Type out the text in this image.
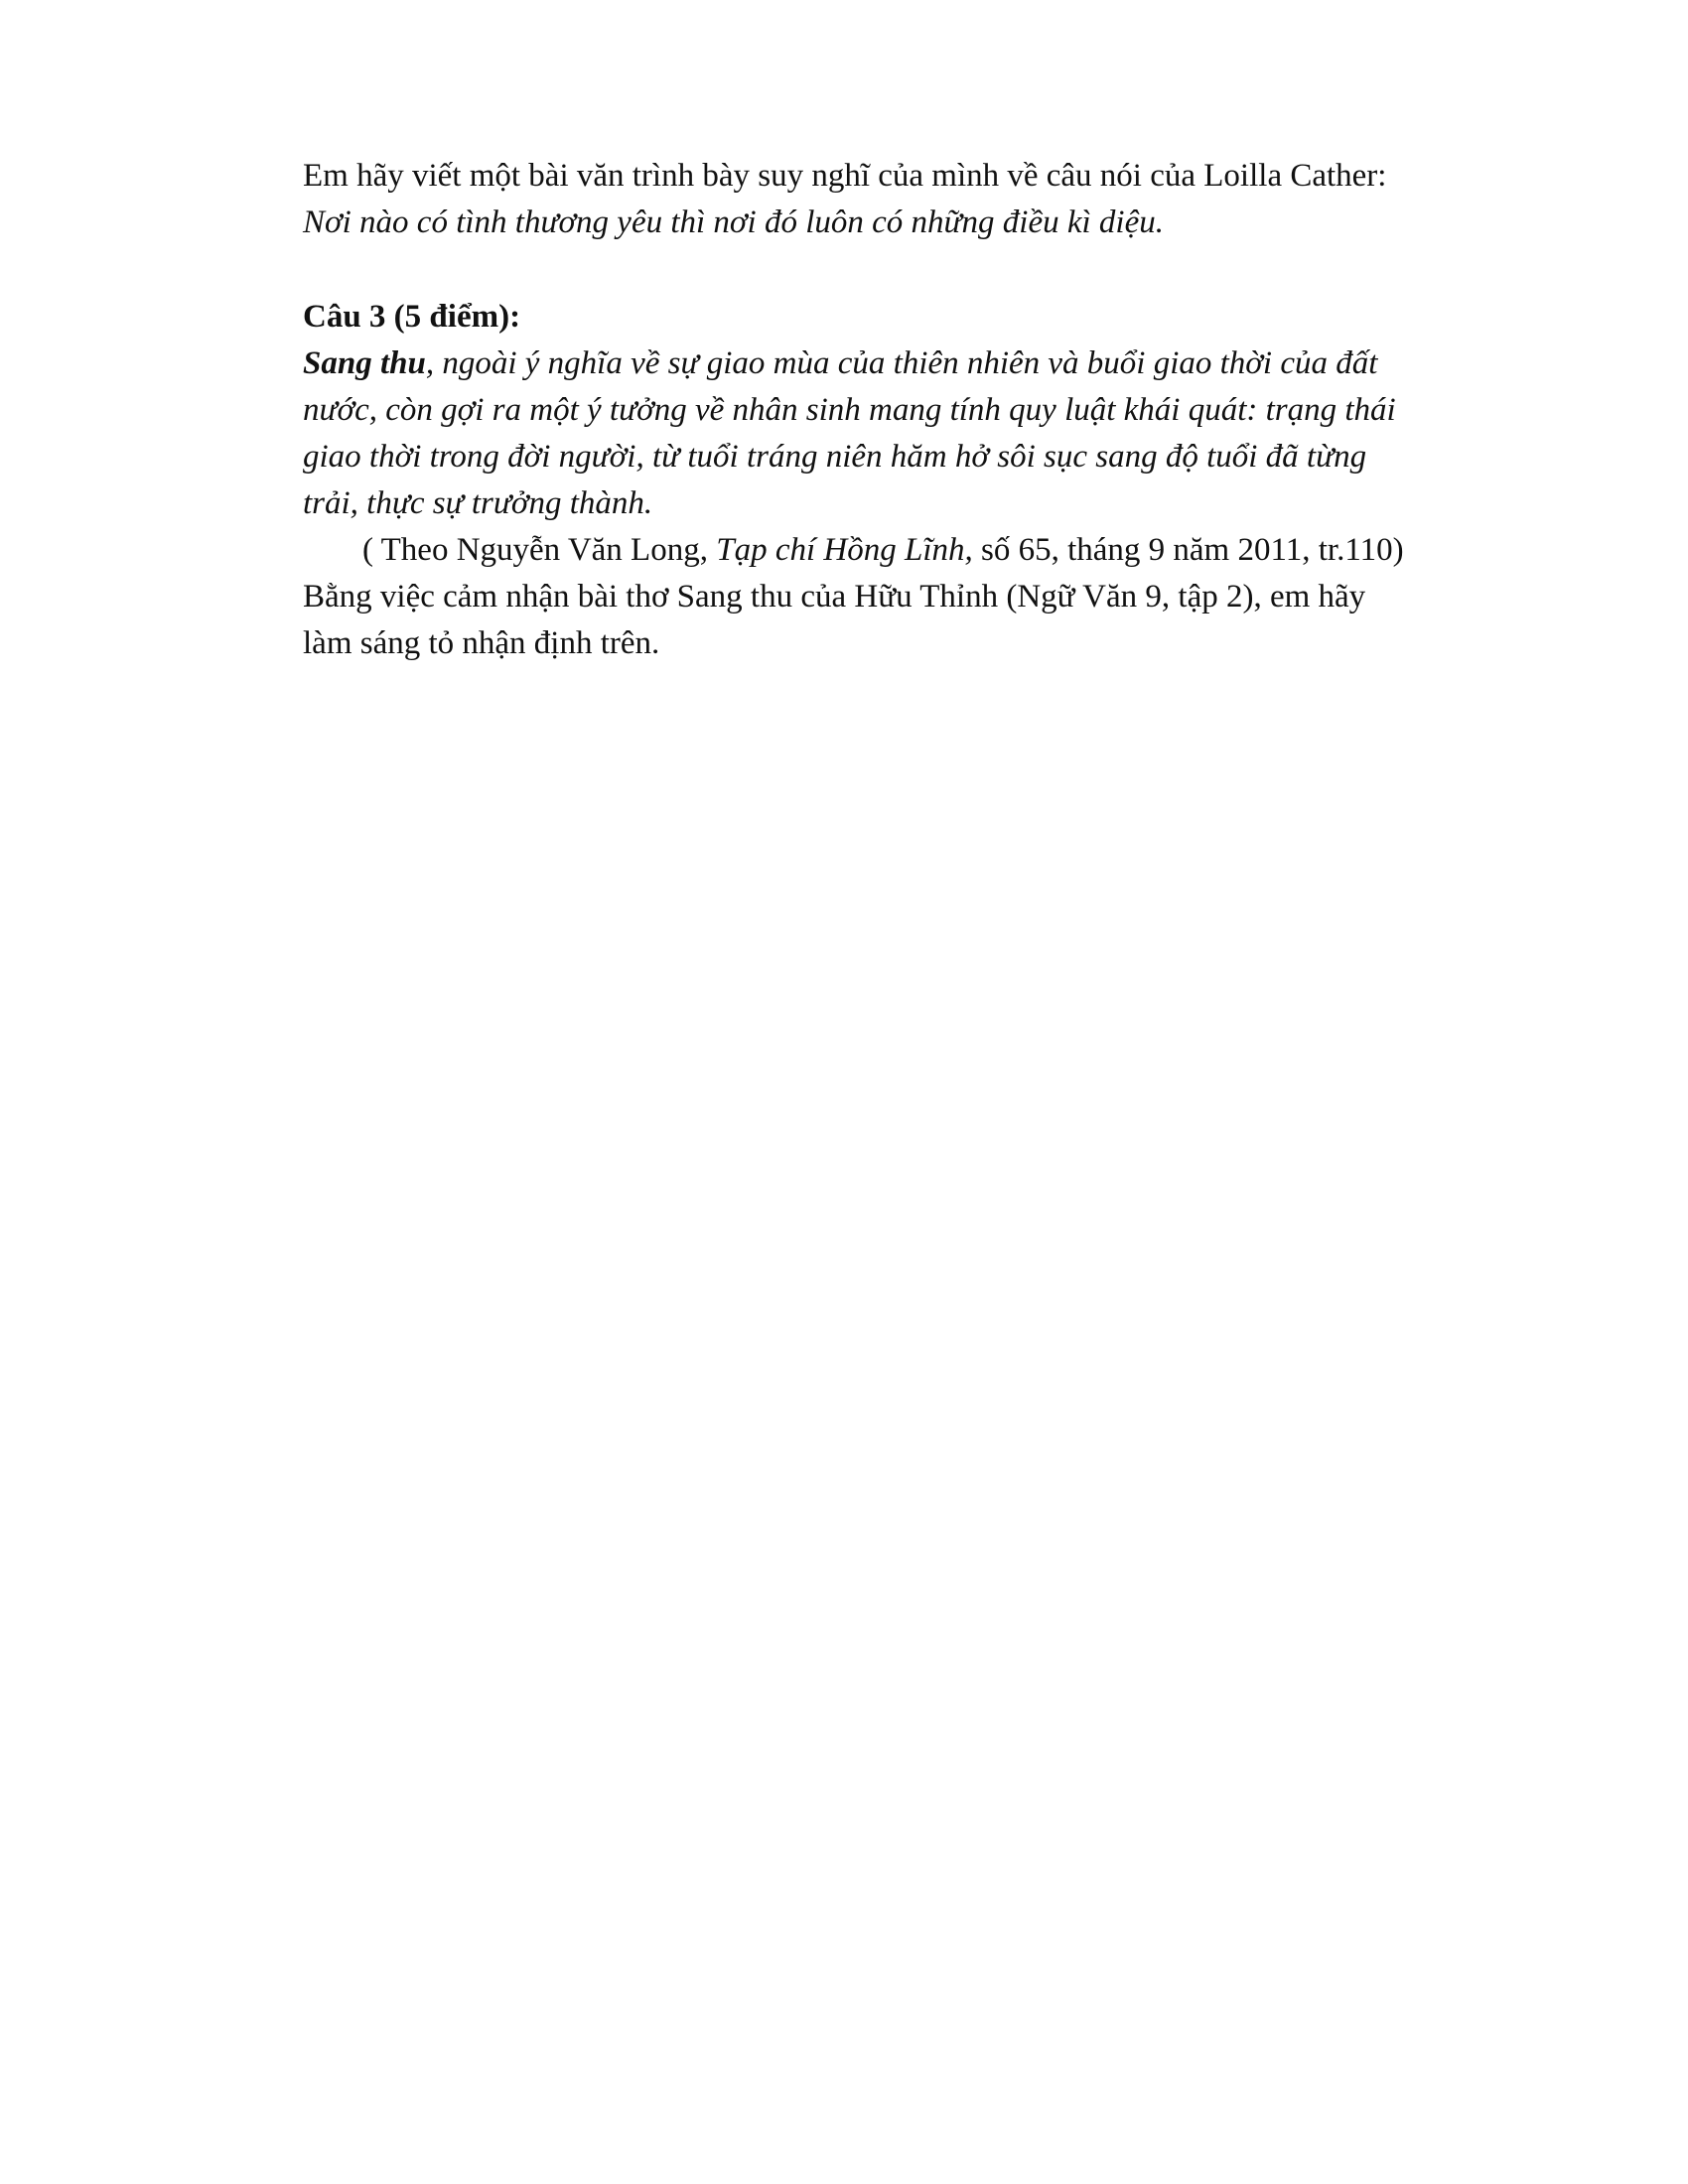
Em hãy viết một bài văn trình bày suy nghĩ của mình về câu nói của Loilla Cather:
Nơi nào có tình thương yêu thì nơi đó luôn có những điều kì diệu.
Câu 3 (5 điểm):
Sang thu, ngoài ý nghĩa về sự giao mùa của thiên nhiên và buổi giao thời của đất
nước, còn gợi ra một ý tưởng về nhân sinh mang tính quy luật khái quát: trạng thái
giao thời trong đời người, từ tuổi tráng niên hăm hở sôi sục sang độ tuổi đã từng
trải, thực sự trưởng thành.
( Theo Nguyễn Văn Long, Tạp chí Hồng Lĩnh, số 65, tháng 9 năm 2011, tr.110)
Bằng việc cảm nhận bài thơ Sang thu của Hữu Thỉnh (Ngữ Văn 9, tập 2), em hãy
làm sáng tỏ nhận định trên.
